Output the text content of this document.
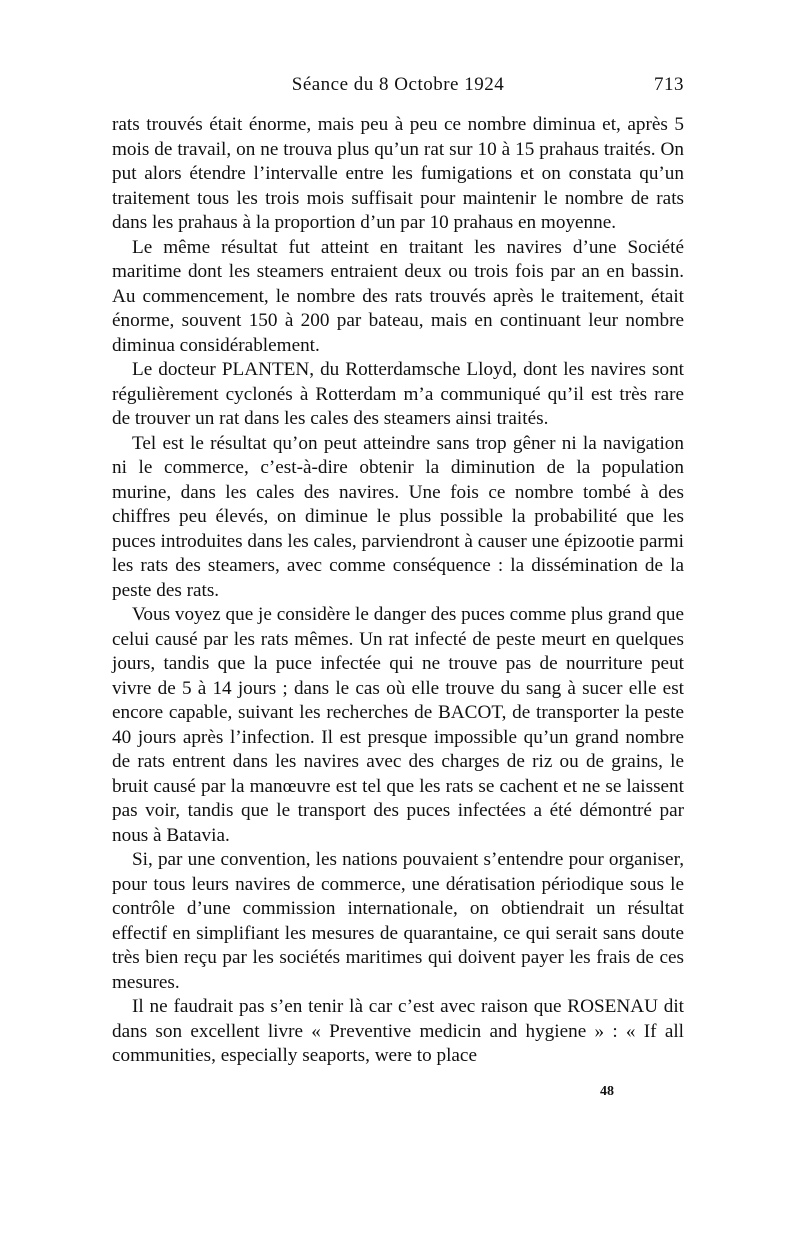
Séance du 8 Octobre 1924	713

rats trouvés était énorme, mais peu à peu ce nombre diminua et, après 5 mois de travail, on ne trouva plus qu’un rat sur 10 à 15 prahaus traités. On put alors étendre l’intervalle entre les fumigations et on constata qu’un traitement tous les trois mois suffisait pour maintenir le nombre de rats dans les prahaus à la proportion d’un par 10 prahaus en moyenne.

Le même résultat fut atteint en traitant les navires d’une Société maritime dont les steamers entraient deux ou trois fois par an en bassin. Au commencement, le nombre des rats trouvés après le traitement, était énorme, souvent 150 à 200 par bateau, mais en continuant leur nombre diminua considérablement.

Le docteur PLANTEN, du Rotterdamsche Lloyd, dont les navires sont régulièrement cyclonés à Rotterdam m’a communiqué qu’il est très rare de trouver un rat dans les cales des steamers ainsi traités.

Tel est le résultat qu’on peut atteindre sans trop gêner ni la navigation ni le commerce, c’est-à-dire obtenir la diminution de la population murine, dans les cales des navires. Une fois ce nombre tombé à des chiffres peu élevés, on diminue le plus possible la probabilité que les puces introduites dans les cales, parviendront à causer une épizootie parmi les rats des steamers, avec comme conséquence : la dissémination de la peste des rats.

Vous voyez que je considère le danger des puces comme plus grand que celui causé par les rats mêmes. Un rat infecté de peste meurt en quelques jours, tandis que la puce infectée qui ne trouve pas de nourriture peut vivre de 5 à 14 jours ; dans le cas où elle trouve du sang à sucer elle est encore capable, suivant les recherches de BACOT, de transporter la peste 40 jours après l’infection. Il est presque impossible qu’un grand nombre de rats entrent dans les navires avec des charges de riz ou de grains, le bruit causé par la manœuvre est tel que les rats se cachent et ne se laissent pas voir, tandis que le transport des puces infectées a été démontré par nous à Batavia.

Si, par une convention, les nations pouvaient s’entendre pour organiser, pour tous leurs navires de commerce, une dératisation périodique sous le contrôle d’une commission internationale, on obtiendrait un résultat effectif en simplifiant les mesures de quarantaine, ce qui serait sans doute très bien reçu par les sociétés maritimes qui doivent payer les frais de ces mesures.

Il ne faudrait pas s’en tenir là car c’est avec raison que ROSENAU dit dans son excellent livre « Preventive medicin and hygiene » : « If all communities, especially seaports, were to place

48
